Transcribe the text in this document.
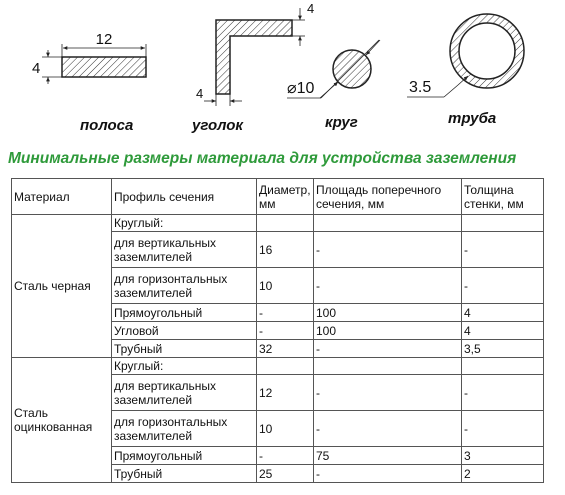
12
4
4
4	⌀10	3.5
полоса	уголок	круг	труба
Минимальные размеры материала для устройства заземления
Материал	Профиль сечения	Диаметр, мм	Площадь поперечного сечения, мм	Толщина стенки, мм
Сталь черная	Круглый:			
	для вертикальных заземлителей	16	-	-
	для горизонтальных заземлителей	10	-	-
	Прямоугольный	-	100	4
	Угловой	-	100	4
	Трубный	32	-	3,5
Сталь оцинкованная	Круглый:			
	для вертикальных заземлителей	12	-	-
	для горизонтальных заземлителей	10	-	-
	Прямоугольный	-	75	3
	Трубный	25	-	2
